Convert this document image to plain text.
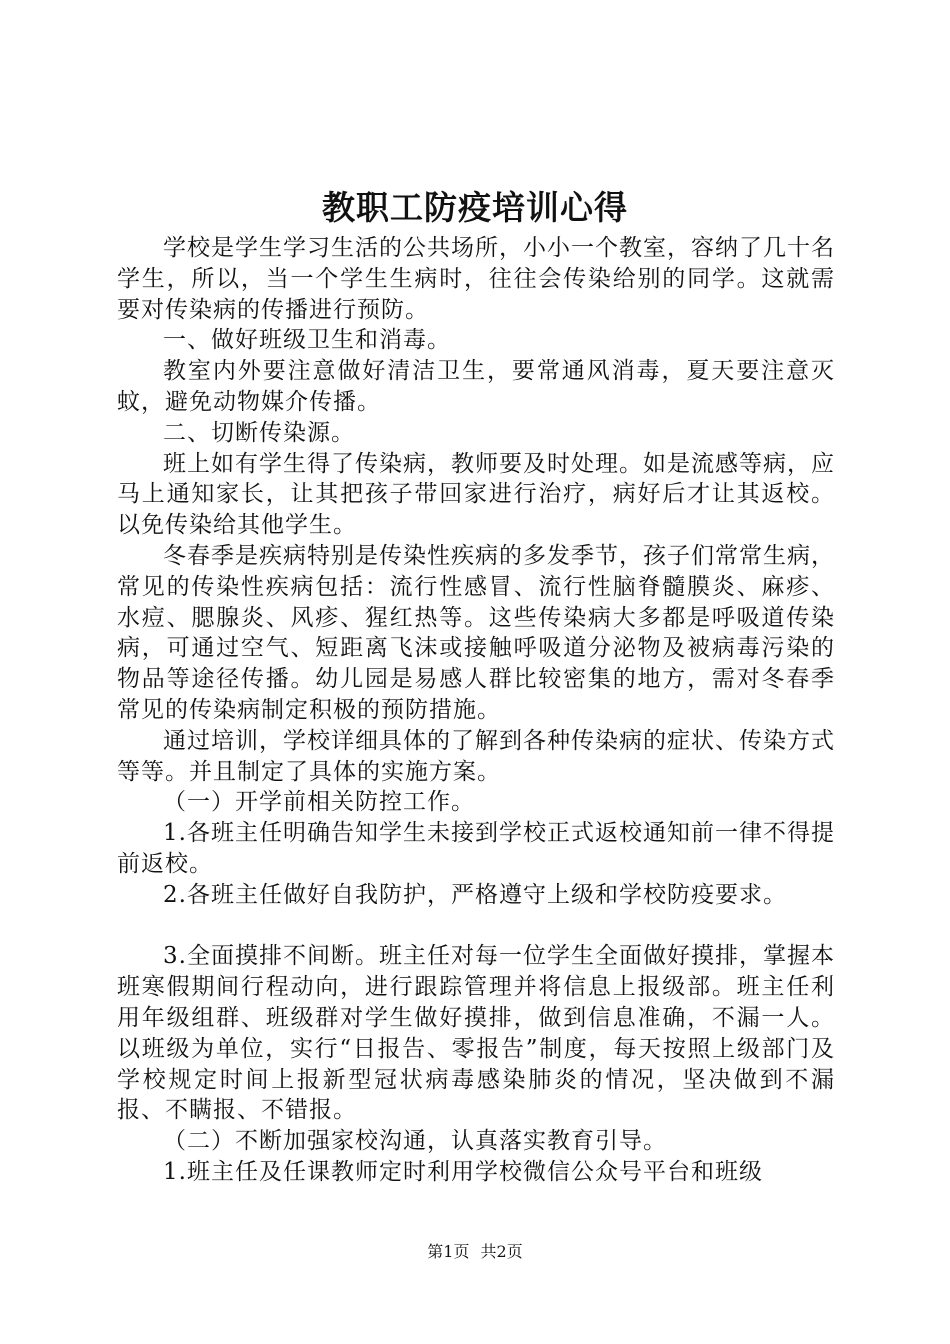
教职工防疫培训心得

学校是学生学习生活的公共场所，小小一个教室，容纳了几十名学生，所以，当一个学生生病时，往往会传染给别的同学。这就需要对传染病的传播进行预防。

一、做好班级卫生和消毒。

教室内外要注意做好清洁卫生，要常通风消毒，夏天要注意灭蚊，避免动物媒介传播。

二、切断传染源。

班上如有学生得了传染病，教师要及时处理。如是流感等病，应马上通知家长，让其把孩子带回家进行治疗，病好后才让其返校。以免传染给其他学生。

冬春季是疾病特别是传染性疾病的多发季节，孩子们常常生病，常见的传染性疾病包括：流行性感冒、流行性脑脊髓膜炎、麻疹、水痘、腮腺炎、风疹、猩红热等。这些传染病大多都是呼吸道传染病，可通过空气、短距离飞沫或接触呼吸道分泌物及被病毒污染的物品等途径传播。幼儿园是易感人群比较密集的地方，需对冬春季常见的传染病制定积极的预防措施。

通过培训，学校详细具体的了解到各种传染病的症状、传染方式等等。并且制定了具体的实施方案。

（一）开学前相关防控工作。

1.各班主任明确告知学生未接到学校正式返校通知前一律不得提前返校。

2.各班主任做好自我防护，严格遵守上级和学校防疫要求。

3.全面摸排不间断。班主任对每一位学生全面做好摸排，掌握本班寒假期间行程动向，进行跟踪管理并将信息上报级部。班主任利用年级组群、班级群对学生做好摸排，做到信息准确，不漏一人。以班级为单位，实行“日报告、零报告”制度，每天按照上级部门及学校规定时间上报新型冠状病毒感染肺炎的情况，坚决做到不漏报、不瞒报、不错报。

（二）不断加强家校沟通，认真落实教育引导。

1.班主任及任课教师定时利用学校微信公众号平台和班级

第1页 共2页
